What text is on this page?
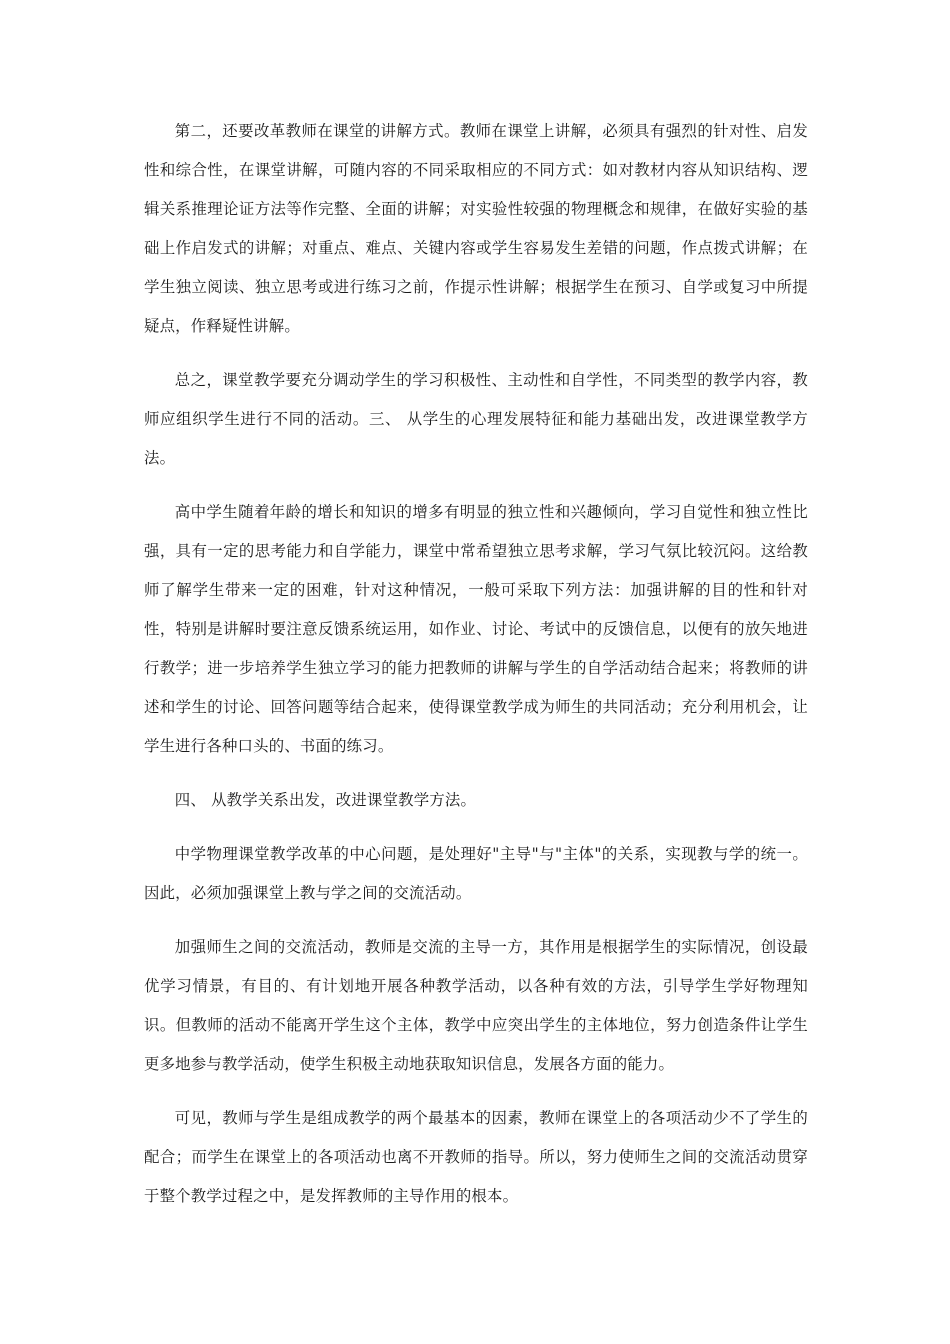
第二，还要改革教师在课堂的讲解方式。教师在课堂上讲解，必须具有强烈的针对性、启发性和综合性，在课堂讲解，可随内容的不同采取相应的不同方式：如对教材内容从知识结构、逻辑关系推理论证方法等作完整、全面的讲解；对实验性较强的物理概念和规律，在做好实验的基础上作启发式的讲解；对重点、难点、关键内容或学生容易发生差错的问题，作点拨式讲解；在学生独立阅读、独立思考或进行练习之前，作提示性讲解；根据学生在预习、自学或复习中所提疑点，作释疑性讲解。

总之，课堂教学要充分调动学生的学习积极性、主动性和自学性，不同类型的教学内容，教师应组织学生进行不同的活动。三、 从学生的心理发展特征和能力基础出发，改进课堂教学方法。

高中学生随着年龄的增长和知识的增多有明显的独立性和兴趣倾向，学习自觉性和独立性比强，具有一定的思考能力和自学能力，课堂中常希望独立思考求解，学习气氛比较沉闷。这给教师了解学生带来一定的困难，针对这种情况，一般可采取下列方法：加强讲解的目的性和针对性，特别是讲解时要注意反馈系统运用，如作业、讨论、考试中的反馈信息，以便有的放矢地进行教学；进一步培养学生独立学习的能力把教师的讲解与学生的自学活动结合起来；将教师的讲述和学生的讨论、回答问题等结合起来，使得课堂教学成为师生的共同活动；充分利用机会，让学生进行各种口头的、书面的练习。

四、 从教学关系出发，改进课堂教学方法。

中学物理课堂教学改革的中心问题，是处理好"主导"与"主体"的关系，实现教与学的统一。因此，必须加强课堂上教与学之间的交流活动。

加强师生之间的交流活动，教师是交流的主导一方，其作用是根据学生的实际情况，创设最优学习情景，有目的、有计划地开展各种教学活动，以各种有效的方法，引导学生学好物理知识。但教师的活动不能离开学生这个主体，教学中应突出学生的主体地位，努力创造条件让学生更多地参与教学活动，使学生积极主动地获取知识信息，发展各方面的能力。

可见，教师与学生是组成教学的两个最基本的因素，教师在课堂上的各项活动少不了学生的配合；而学生在课堂上的各项活动也离不开教师的指导。所以，努力使师生之间的交流活动贯穿于整个教学过程之中，是发挥教师的主导作用的根本。
